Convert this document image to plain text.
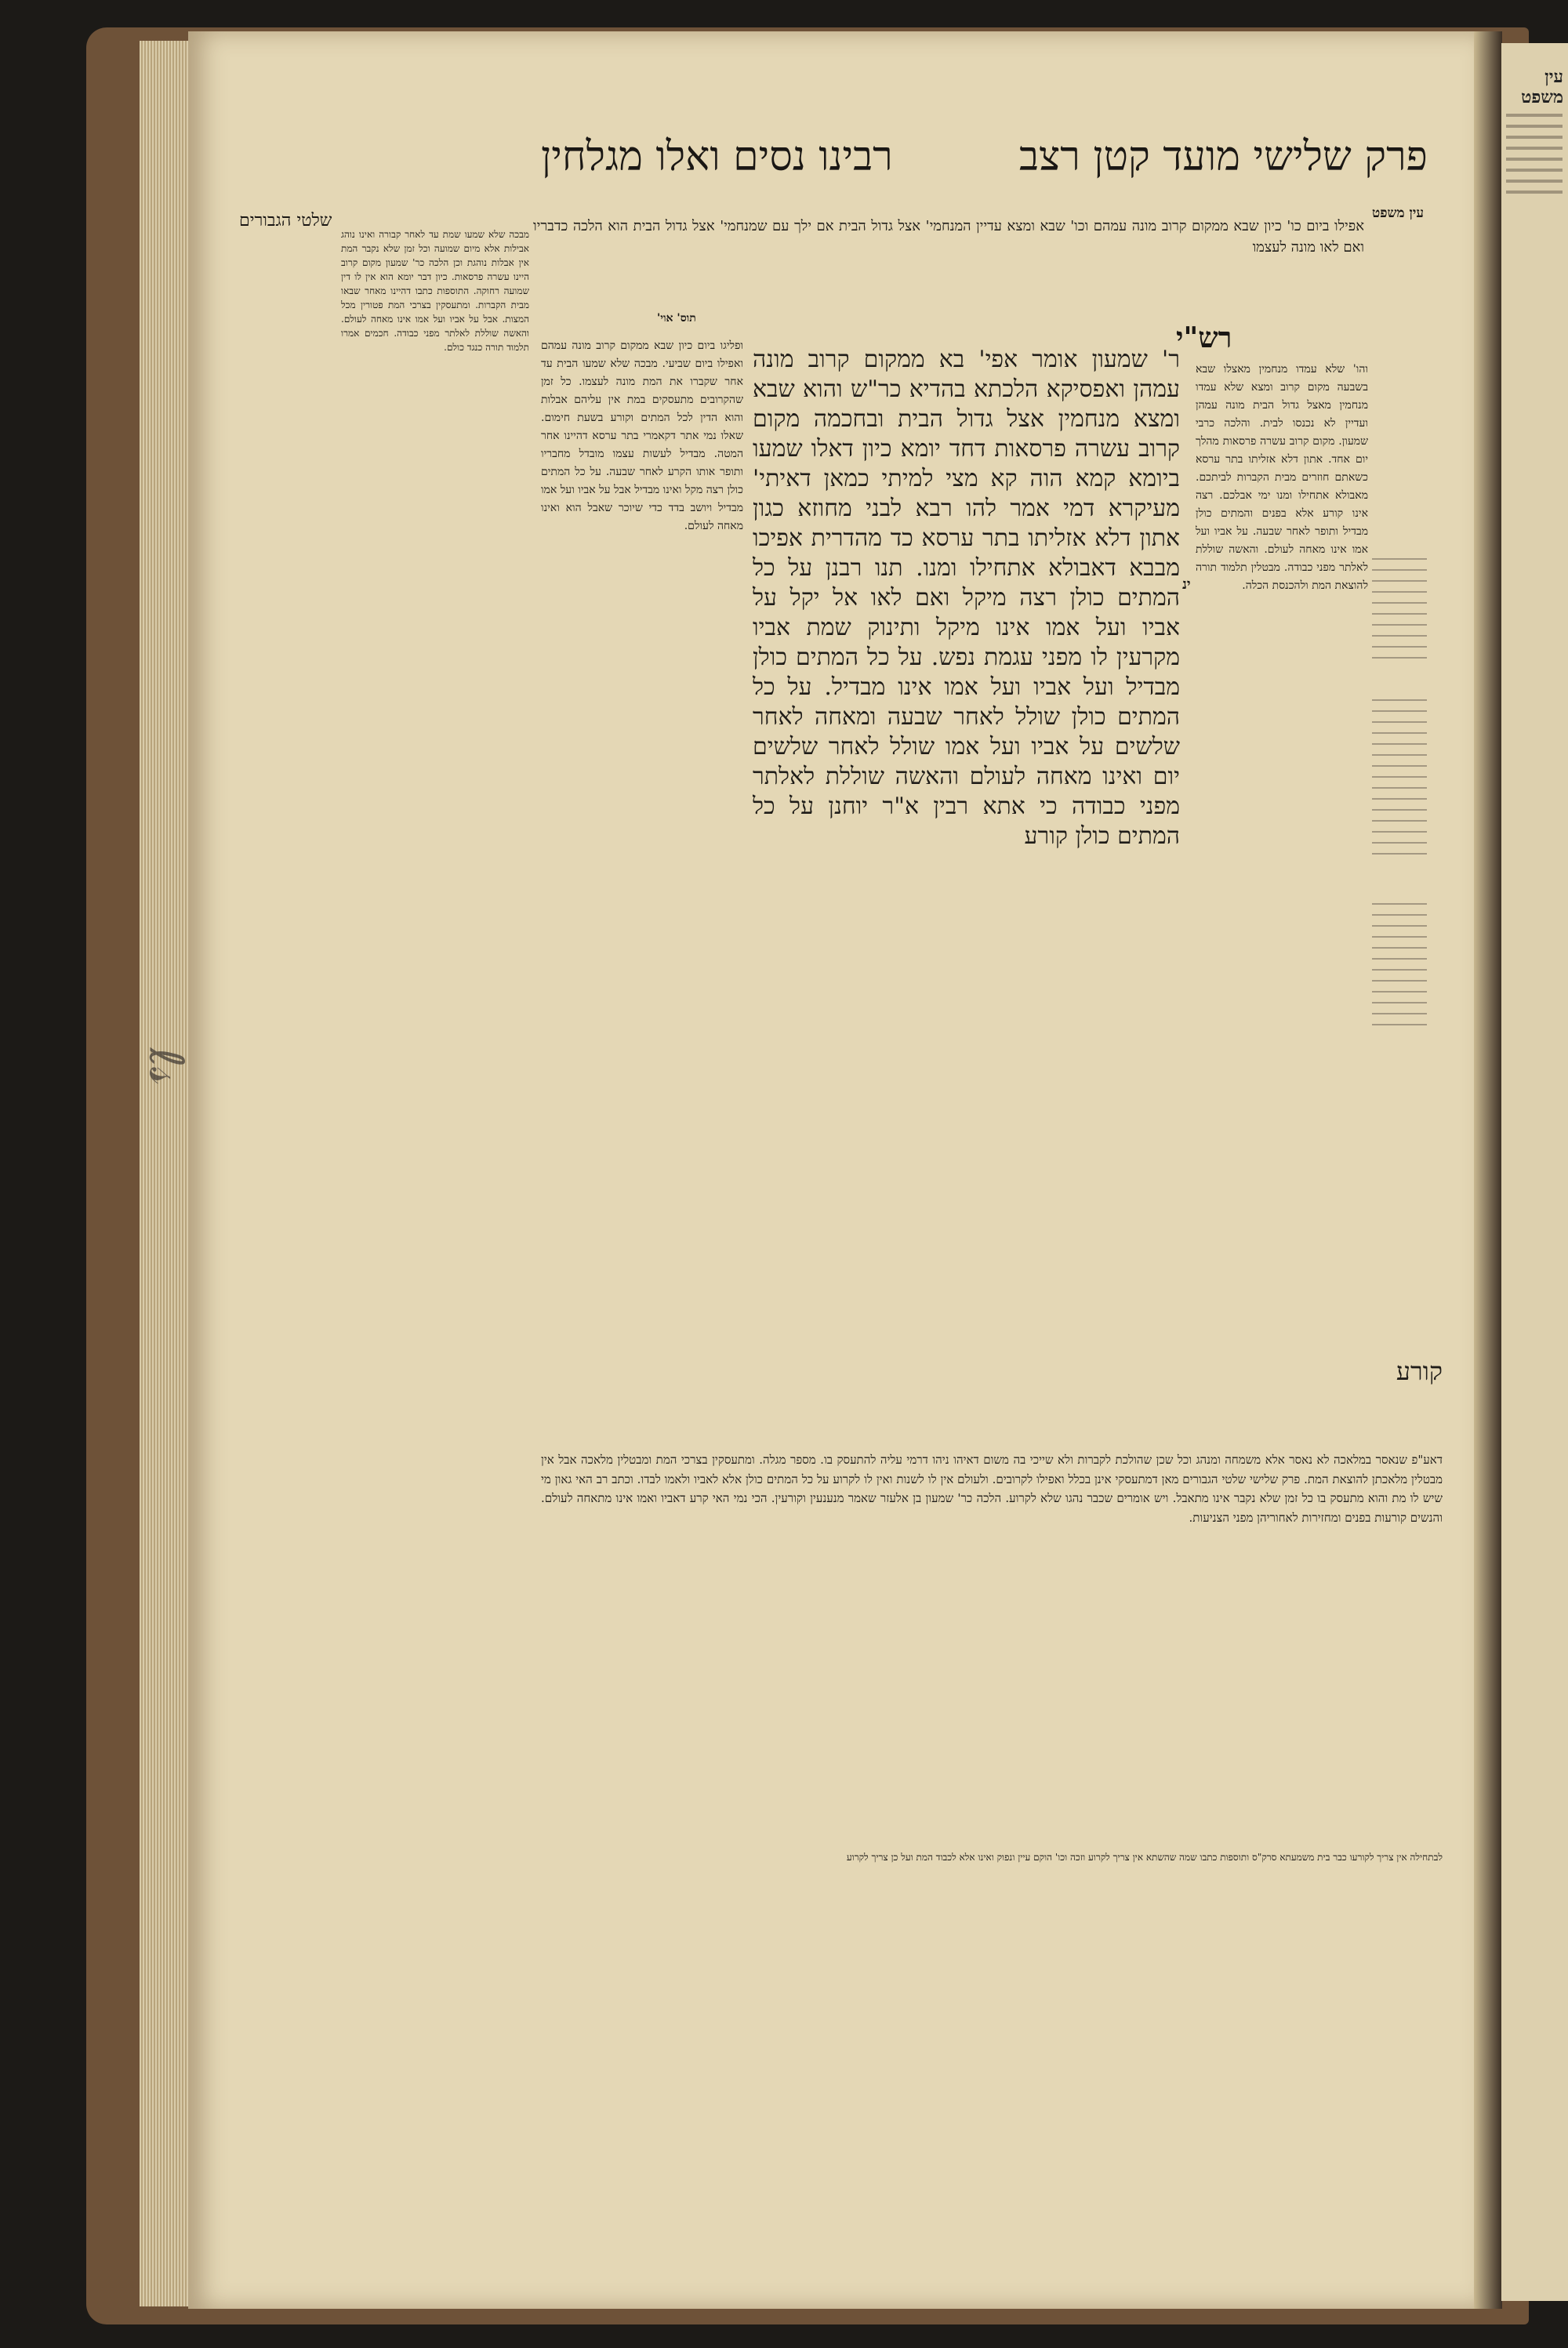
עין משפט
ℓ𝓈
רבינו נסים ואלו מגלחין	פרק שלישי מועד קטן רצב
עין משפט
שלטי הגבורים	אפילו ביום כו' כיון שבא ממקום קרוב מונה עמהם וכו' שבא ומצא עדיין המנחמי' אצל גדול הבית אם ילך עם שמנחמי' אצל גדול הבית הוא הלכה כדבריו ואם לאו מונה לעצמו
רש"י
תוס' אוי'
ינ
ר' שמעון אומר אפי' בא ממקום קרוב מונה עמהן ואפסיקא הלכתא בהדיא כר"ש והוא שבא ומצא מנחמין אצל גדול הבית ובחכמה מקום קרוב עשרה פרסאות דחד יומא כיון דאלו שמעו ביומא קמא הוה קא מצי למיתי כמאן דאיתי' מעיקרא דמי אמר להו רבא לבני מחוזא כגון אתון דלא אזליתו בתר ערסא כד מהדרית אפיכו מבבא דאבולא אתחילו ומנו. תנו רבנן על כל המתים כולן רצה מיקל ואם לאו אל יקל על אביו ועל אמו אינו מיקל ותינוק שמת אביו מקרעין לו מפני עגמת נפש. על כל המתים כולן מבדיל ועל אביו ועל אמו אינו מבדיל. על כל המתים כולן שולל לאחר שבעה ומאחה לאחר שלשים על אביו ועל אמו שולל לאחר שלשים יום ואינו מאחה לעולם והאשה שוללת לאלתר מפני כבודה כי אתא רבין א"ר יוחנן על כל המתים כולן קורע
קורע
והו' שלא עמדו מנחמין מאצלו שבא בשבעה מקום קרוב ומצא שלא עמדו מנחמין מאצל גדול הבית מונה עמהן ועדיין לא נכנסו לבית. והלכה כרבי שמעון. מקום קרוב עשרה פרסאות מהלך יום אחד. אתון דלא אזליתו בתר ערסא כשאתם חוזרים מבית הקברות לביתכם. מאבולא אתחילו ומנו ימי אבלכם. רצה אינו קורע אלא בפנים והמתים כולן מבדיל ותופר לאחר שבעה. על אביו ועל אמו אינו מאחה לעולם. והאשה שוללת לאלתר מפני כבודה. מבטלין תלמוד תורה להוצאת המת ולהכנסת הכלה.
ופליגו ביום כיון שבא ממקום קרוב מונה עמהם ואפילו ביום שביעי. מבכה שלא שמעו הבית עד אחר שקברו את המת מונה לעצמו. כל זמן שהקרובים מתעסקים במת אין עליהם אבלות והוא הדין לכל המתים וקורע בשעת חימום. שאלו נמי אתר דקאמרי בתר ערסא דהיינו אחר המטה. מבדיל לעשות עצמו מובדל מחבריו ותופר אותו הקרע לאחר שבעה. על כל המתים כולן רצה מקל ואינו מבדיל אבל על אביו ועל אמו מבדיל ויושב בדד כדי שיוכר שאבל הוא ואינו מאחה לעולם.
מבכה שלא שמעו שמת עד לאחר קבורה ואינו נוהג אבילות אלא מיום שמועה וכל זמן שלא נקבר המת אין אבלות נוהגת וכן הלכה כר' שמעון מקום קרוב היינו עשרה פרסאות. כיון דבר יומא הוא אין לו דין שמועה רחוקה. התוספות כתבו דהיינו מאחר שבאו מבית הקברות. ומתעסקין בצרכי המת פטורין מכל המצות. אבל על אביו ועל אמו אינו מאחה לעולם. והאשה שוללת לאלתר מפני כבודה. חכמים אמרו תלמוד תורה כנגד כולם.
דאע"פ שנאסר במלאכה לא נאסר אלא משמחה ומנהג וכל שכן שהולכת לקברות ולא שייכי בה משום דאיהו ניהו דרמי עליה להתעסק בו. מספר מגלה. ומתעסקין בצרכי המת ומבטלין מלאכה אבל אין מבטלין מלאכתן להוצאת המת. פרק שלישי שלטי הגבורים מאן דמתעסקי אינן בכלל ואפילו לקרובים. ולעולם אין לו לשנות ואין לו לקרוע על כל המתים כולן אלא לאביו ולאמו לבדו. וכתב רב האי גאון מי שיש לו מת והוא מתעסק בו כל זמן שלא נקבר אינו מתאבל. ויש אומרים שכבר נהגו שלא לקרוע. הלכה כר' שמעון בן אלעזר שאמר מנענעין וקורעין. הכי נמי האי קרע דאביו ואמו אינו מתאחה לעולם. והנשים קורעות בפנים ומחזירות לאחוריהן מפני הצניעות.
לבתחילה אין צריך לקורעו כבר בית משמעתא סרק"ס ותוספות כתבו שמה שהשתא אין צריך לקרוע וזכה וכו' הוקם עיין ונפוק ואינו אלא לכבוד המת ועל כן צריך לקרוע
